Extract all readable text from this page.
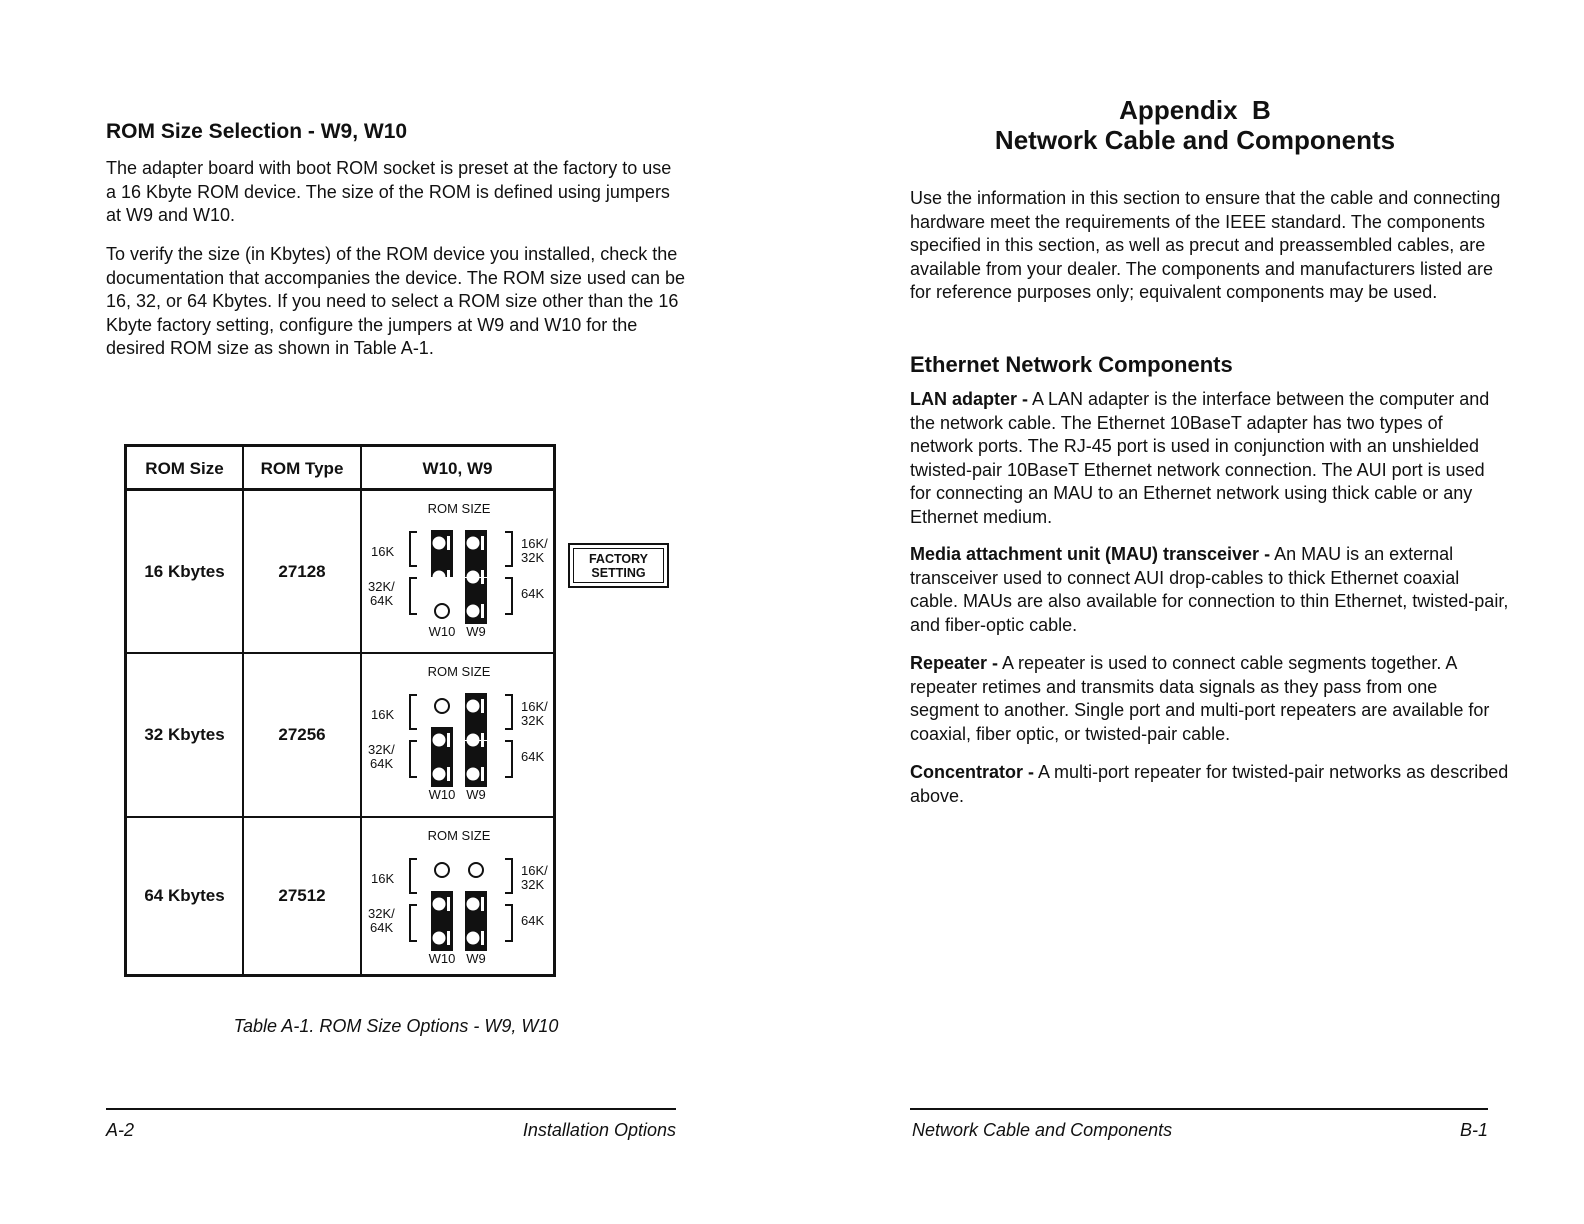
ROM Size Selection - W9, W10

The adapter board with boot ROM socket is preset at the factory to use a 16 Kbyte ROM device. The size of the ROM is defined using jumpers at W9 and W10.

To verify the size (in Kbytes) of the ROM device you installed, check the documentation that accompanies the device. The ROM size used can be 16, 32, or 64 Kbytes. If you need to select a ROM size other than the 16 Kbyte factory setting, configure the jumpers at W9 and W10 for the desired ROM size as shown in Table A-1.

ROM Size	ROM Type	W10, W9
16 Kbytes	27128
32 Kbytes	27256
64 Kbytes	27512
ROM SIZE
16K
32K/
64K
16K/
32K
64K
W10 W9
ROM SIZE
16K
32K/
64K
16K/
32K
64K
W10 W9
ROM SIZE
16K
32K/
64K
16K/
32K
64K
W10 W9
FACTORY
SETTING
Table A-1. ROM Size Options - W9, W10
A-2	Installation Options
Appendix  B
Network Cable and Components

Use the information in this section to ensure that the cable and connecting hardware meet the requirements of the IEEE standard. The components specified in this section, as well as precut and preassembled cables, are available from your dealer. The components and manufacturers listed are for reference purposes only; equivalent components may be used.

Ethernet Network Components

LAN adapter - A LAN adapter is the interface between the computer and the network cable. The Ethernet 10BaseT adapter has two types of network ports. The RJ-45 port is used in conjunction with an unshielded twisted-pair 10BaseT Ethernet network connection. The AUI port is used for connecting an MAU to an Ethernet network using thick cable or any Ethernet medium.

Media attachment unit (MAU) transceiver - An MAU is an external transceiver used to connect AUI drop-cables to thick Ethernet coaxial cable. MAUs are also available for connection to thin Ethernet, twisted-pair, and fiber-optic cable.

Repeater - A repeater is used to connect cable segments together. A repeater retimes and transmits data signals as they pass from one segment to another. Single port and multi-port repeaters are available for coaxial, fiber optic, or twisted-pair cable.

Concentrator - A multi-port repeater for twisted-pair networks as described above.

Network Cable and Components	B-1
